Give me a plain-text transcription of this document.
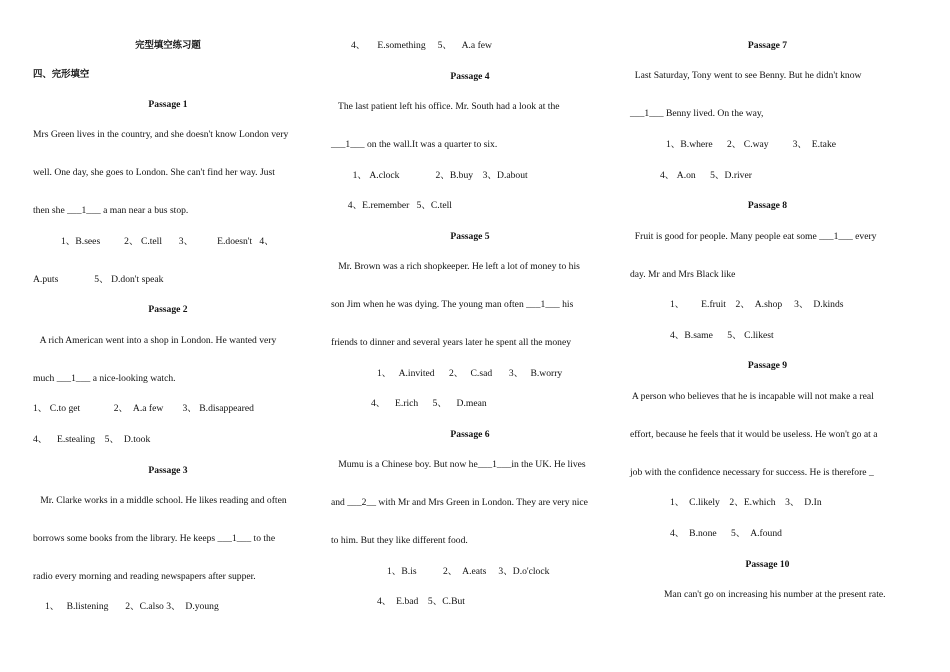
完型填空练习题
四、完形填空
Passage 1
Mrs Green lives in the country, and she doesn't know London very
well. One day, she goes to London. She can't find her way. Just
then she ___1___ a man near a bus stop.
1、B.sees          2、 C.tell       3、          E.doesn't   4、
A.puts               5、 D.don't speak
Passage 2
A rich American went into a shop in London. He wanted very
much ___1___ a nice-looking watch.
1、 C.to get              2、  A.a few        3、 B.disappeared
4、    E.stealing    5、  D.took
Passage 3
Mr. Clarke works in a middle school. He likes reading and often
borrows some books from the library. He keeps ___1___ to the
radio every morning and reading newspapers after supper.
1、   B.listening       2、C.also 3、  D.young
4、     E.something     5、    A.a few
Passage 4
The last patient left his office. Mr. South had a look at the
___1___ on the wall.It was a quarter to six.
1、 A.clock               2、B.buy    3、D.about
4、E.remember   5、C.tell
Passage 5
Mr. Brown was a rich shopkeeper. He left a lot of money to his
son Jim when he was dying. The young man often ___1___ his
friends to dinner and several years later he spent all the money
1、   A.invited      2、   C.sad       3、   B.worry
4、    E.rich      5、    D.mean
Passage 6
Mumu is a Chinese boy. But now he___1___in the UK. He lives
and ___2__ with Mr and Mrs Green in London. They are very nice
to him. But they like different food.
1、B.is           2、  A.eats     3、D.o'clock
4、  E.bad    5、C.But
Passage 7
Last Saturday, Tony went to see Benny. But he didn't know
___1___ Benny lived. On the way,
1、B.where      2、 C.way          3、  E.take
4、 A.on      5、D.river
Passage 8
Fruit is good for people. Many people eat some ___1___ every
day. Mr and Mrs Black like
1、       E.fruit    2、  A.shop     3、  D.kinds
4、B.same      5、 C.likest
Passage 9
A person who believes that he is incapable will not make a real
effort, because he feels that it would be useless. He won't go at a
job with the confidence necessary for success. He is therefore _
1、  C.likely    2、E.which    3、  D.In
4、  B.none      5、  A.found
Passage 10
Man can't go on increasing his number at the present rate.
